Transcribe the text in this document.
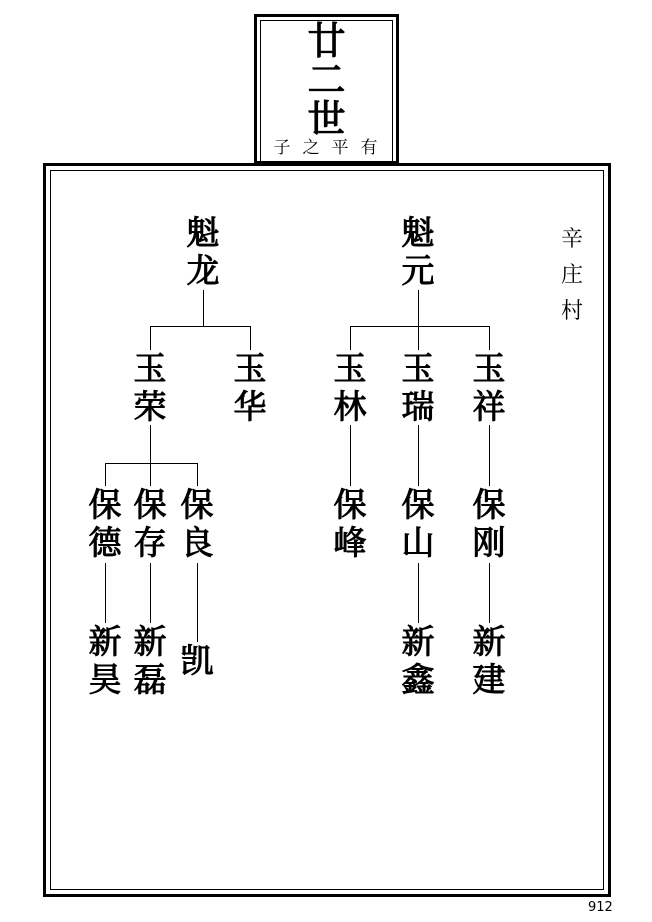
廿
二
世
子之平有
辛
庄
村
魁
龙
魁
元
玉
荣
玉
华
玉
林
玉
瑞
玉
祥
保
德
保
存
保
良
保
峰
保
山
保
刚
新
昊
新
磊 凯	新
鑫
新
建
912
